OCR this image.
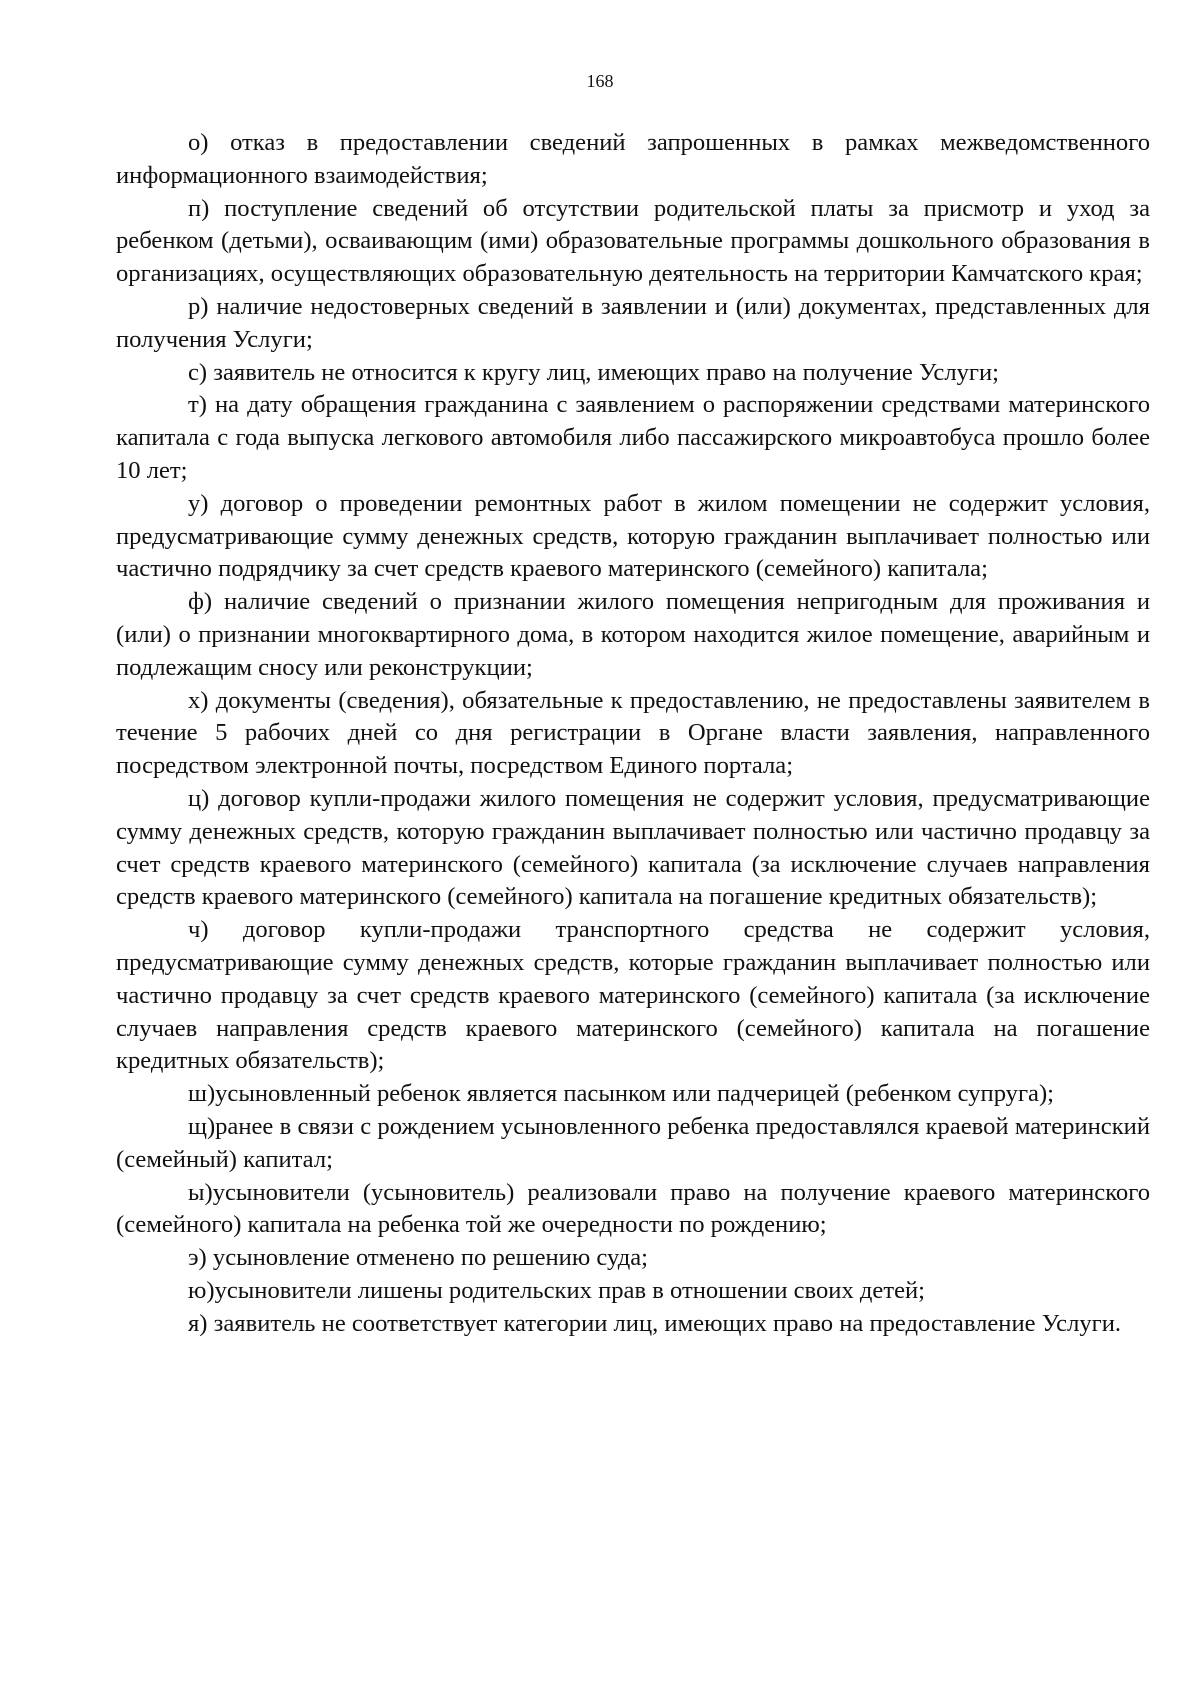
168

о) отказ в предоставлении сведений запрошенных в рамках межведомственного информационного взаимодействия;

п) поступление сведений об отсутствии родительской платы за присмотр и уход за ребенком (детьми), осваивающим (ими) образовательные программы дошкольного образования в организациях, осуществляющих образовательную деятельность на территории Камчатского края;

р) наличие недостоверных сведений в заявлении и (или) документах, представленных для получения Услуги;

с) заявитель не относится к кругу лиц, имеющих право на получение Услуги;

т) на дату обращения гражданина с заявлением о распоряжении средствами материнского капитала с года выпуска легкового автомобиля либо пассажирского микроавтобуса прошло более 10 лет;

у) договор о проведении ремонтных работ в жилом помещении не содержит условия, предусматривающие сумму денежных средств, которую гражданин выплачивает полностью или частично подрядчику за счет средств краевого материнского (семейного) капитала;

ф) наличие сведений о признании жилого помещения непригодным для проживания и (или) о признании многоквартирного дома, в котором находится жилое помещение, аварийным и подлежащим сносу или реконструкции;

х) документы (сведения), обязательные к предоставлению, не предоставлены заявителем в течение 5 рабочих дней со дня регистрации в Органе власти заявления, направленного посредством электронной почты, посредством Единого портала;

ц) договор купли-продажи жилого помещения не содержит условия, предусматривающие сумму денежных средств, которую гражданин выплачивает полностью или частично продавцу за счет средств краевого материнского (семейного) капитала (за исключение случаев направления средств краевого материнского (семейного) капитала на погашение кредитных обязательств);

ч) договор купли-продажи транспортного средства не содержит условия, предусматривающие сумму денежных средств, которые гражданин выплачивает полностью или частично продавцу за счет средств краевого материнского (семейного) капитала (за исключение случаев направления средств краевого материнского (семейного) капитала на погашение кредитных обязательств);

ш)усыновленный ребенок является пасынком или падчерицей (ребенком супруга);

щ)ранее в связи с рождением усыновленного ребенка предоставлялся краевой материнский (семейный) капитал;

ы)усыновители (усыновитель) реализовали право на получение краевого материнского (семейного) капитала на ребенка той же очередности по рождению;

э) усыновление отменено по решению суда;

ю)усыновители лишены родительских прав в отношении своих детей;

я) заявитель не соответствует категории лиц, имеющих право на предоставление Услуги.
